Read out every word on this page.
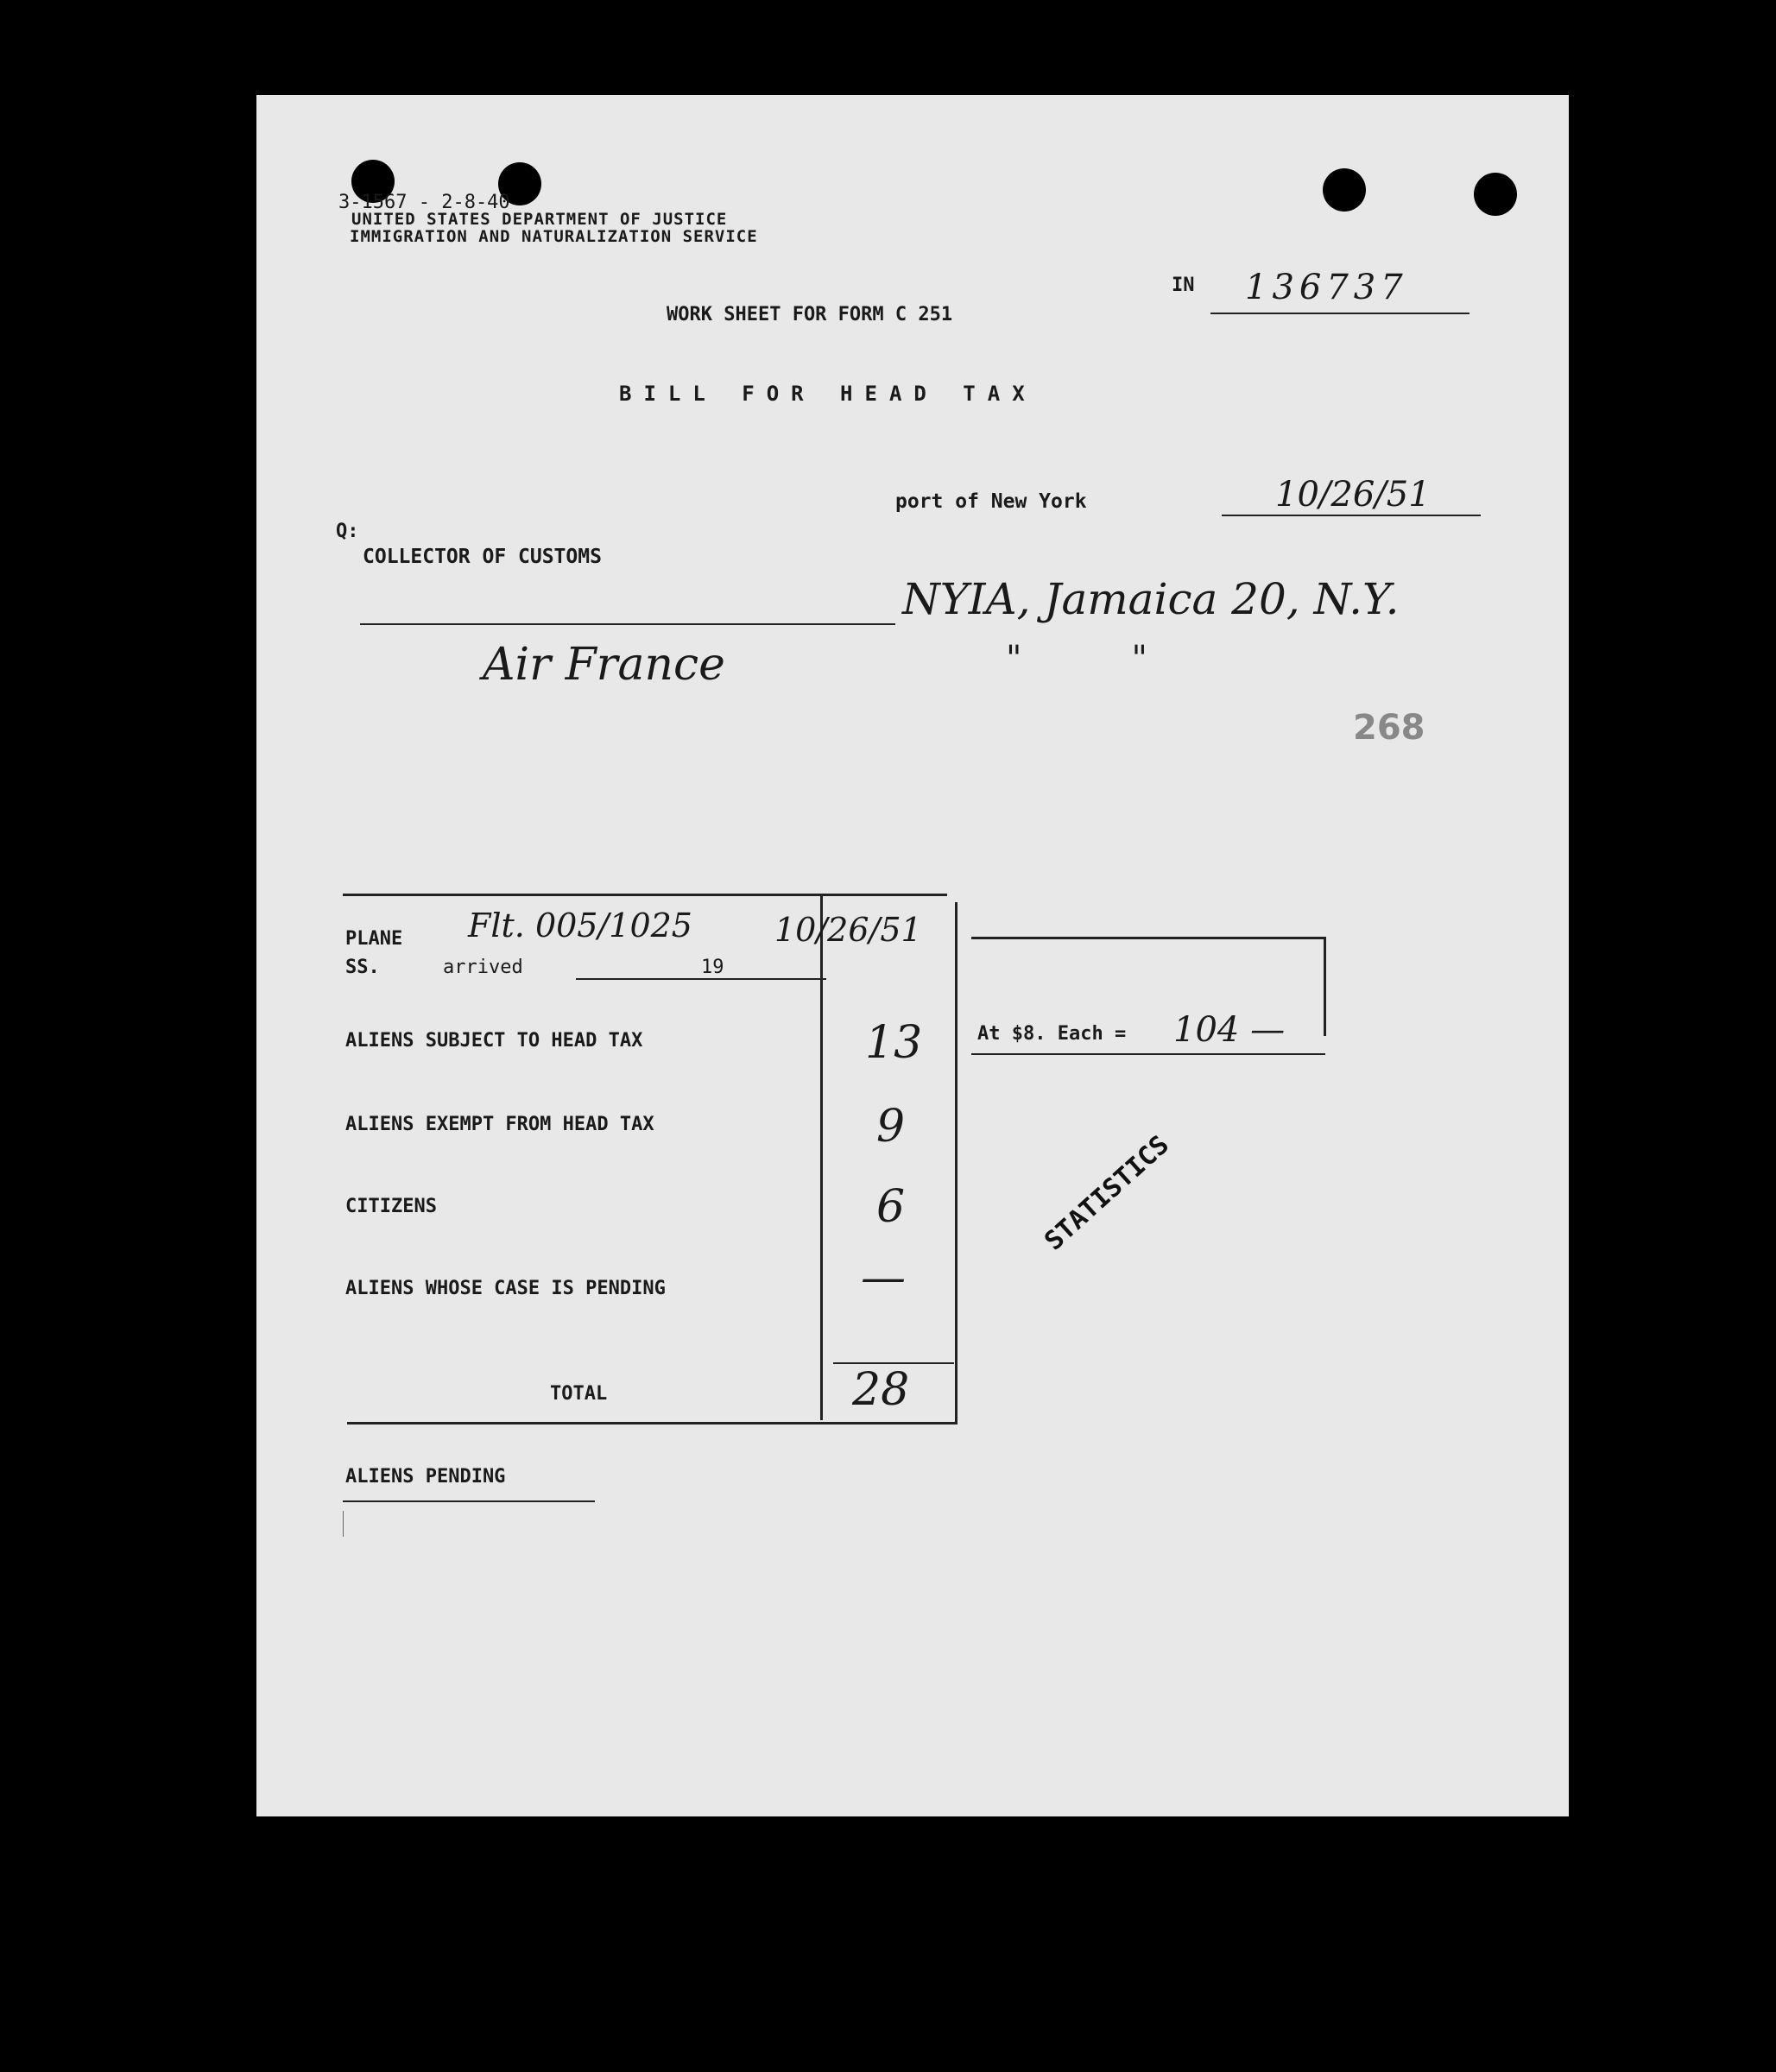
3-1567 - 2-8-40
UNITED STATES DEPARTMENT OF JUSTICE
IMMIGRATION AND NATURALIZATION SERVICE
IN 136737
WORK SHEET FOR FORM C 251
BILL FOR HEAD TAX
port of New York	10/26/51
Q:
COLLECTOR OF CUSTOMS
NYIA, Jamaica 20, N.Y.
"          "
Air France
268
PLANE
SS.	arrived	19
Flt. 005/1025	10/26/51
ALIENS SUBJECT TO HEAD TAX	13
ALIENS EXEMPT FROM HEAD TAX	9
CITIZENS	6
ALIENS WHOSE CASE IS PENDING	—
TOTAL	28
At $8. Each = 104 —
STATISTICS
ALIENS PENDING
